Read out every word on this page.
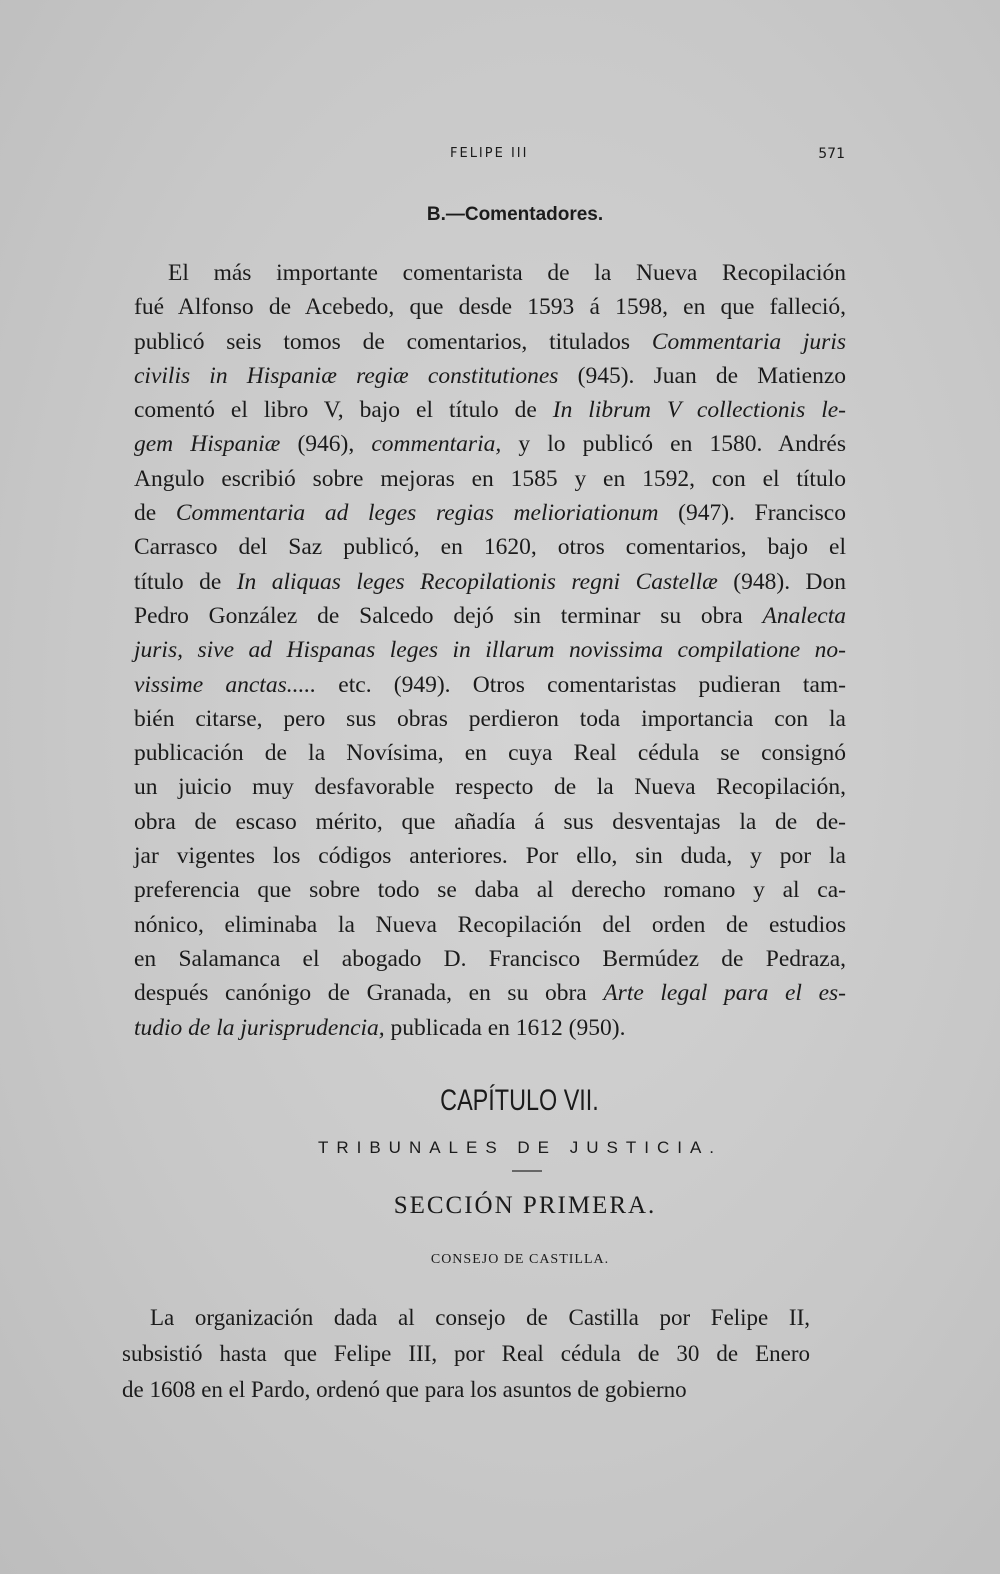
FELIPE III	571
B.—Comentadores.
El más importante comentarista de la Nueva Recopilación
fué Alfonso de Acebedo, que desde 1593 á 1598, en que falleció,
publicó seis tomos de comentarios, titulados Commentaria juris
civilis in Hispaniæ regiæ constitutiones (945). Juan de Matienzo
comentó el libro V, bajo el título de In librum V collectionis le-
gem Hispaniæ (946), commentaria, y lo publicó en 1580. Andrés
Angulo escribió sobre mejoras en 1585 y en 1592, con el título
de Commentaria ad leges regias melioriationum (947). Francisco
Carrasco del Saz publicó, en 1620, otros comentarios, bajo el
título de In aliquas leges Recopilationis regni Castellæ (948). Don
Pedro González de Salcedo dejó sin terminar su obra Analecta
juris, sive ad Hispanas leges in illarum novissima compilatione no-
vissime anctas..... etc. (949). Otros comentaristas pudieran tam-
bién citarse, pero sus obras perdieron toda importancia con la
publicación de la Novísima, en cuya Real cédula se consignó
un juicio muy desfavorable respecto de la Nueva Recopilación,
obra de escaso mérito, que añadía á sus desventajas la de de-
jar vigentes los códigos anteriores. Por ello, sin duda, y por la
preferencia que sobre todo se daba al derecho romano y al ca-
nónico, eliminaba la Nueva Recopilación del orden de estudios
en Salamanca el abogado D. Francisco Bermúdez de Pedraza,
después canónigo de Granada, en su obra Arte legal para el es-
tudio de la jurisprudencia, publicada en 1612 (950).
CAPÍTULO VII.
TRIBUNALES DE JUSTICIA.
SECCIÓN PRIMERA.
CONSEJO DE CASTILLA.
La organización dada al consejo de Castilla por Felipe II,
subsistió hasta que Felipe III, por Real cédula de 30 de Enero
de 1608 en el Pardo, ordenó que para los asuntos de gobierno
